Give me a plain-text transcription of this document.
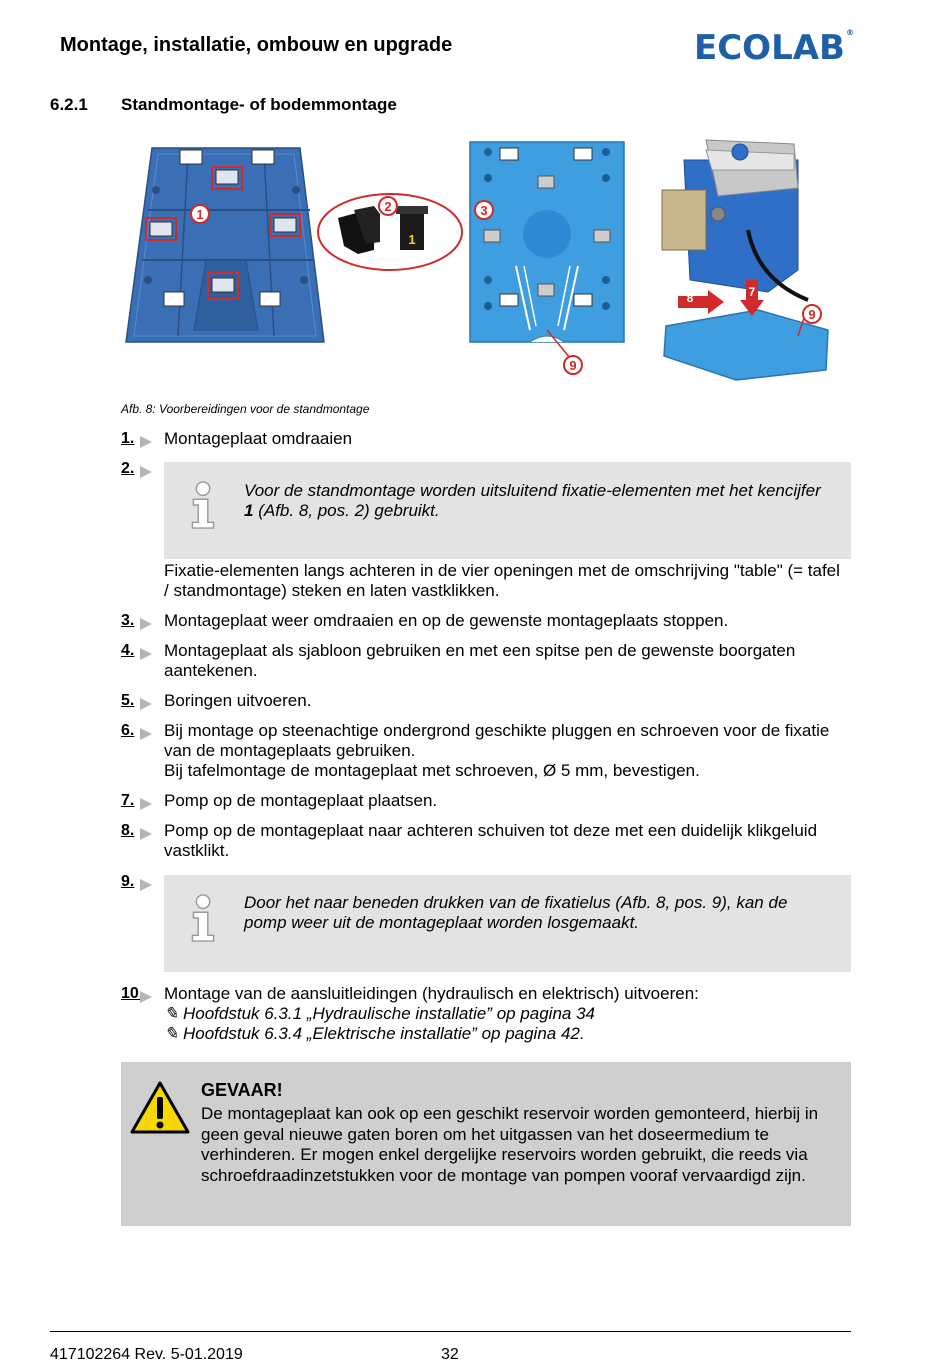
Montage, installatie, ombouw en upgrade	ECOLAB®
6.2.1 Standmontage- of bodemmontage
1
1
2	3
9
8	7
9
Afb. 8: Voorbereidingen voor de standmontage
1. Montageplaat omdraaien
2.
Voor de standmontage worden uitsluitend fixatie-elementen met het kencijfer 1 (Afb. 8, pos. 2) gebruikt.
Fixatie-elementen langs achteren in de vier openingen met de omschrijving "table" (= tafel / standmontage) steken en laten vastklikken.
3. Montageplaat weer omdraaien en op de gewenste montageplaats stoppen.
4. Montageplaat als sjabloon gebruiken en met een spitse pen de gewenste boorgaten aantekenen.
5. Boringen uitvoeren.
6. Bij montage op steenachtige ondergrond geschikte pluggen en schroeven voor de fixatie van de montageplaats gebruiken.
Bij tafelmontage de montageplaat met schroeven, Ø 5 mm, bevestigen.
7. Pomp op de montageplaat plaatsen.
8. Pomp op de montageplaat naar achteren schuiven tot deze met een duidelijk klikgeluid vastklikt.
9.
Door het naar beneden drukken van de fixatielus (Afb. 8, pos. 9), kan de pomp weer uit de montageplaat worden losgemaakt.
10. Montage van de aansluitleidingen (hydraulisch en elektrisch) uitvoeren:
✎ Hoofdstuk 6.3.1 „Hydraulische installatie” op pagina 34
✎ Hoofdstuk 6.3.4 „Elektrische installatie” op pagina 42.
GEVAAR!
De montageplaat kan ook op een geschikt reservoir worden gemonteerd, hierbij in geen geval nieuwe gaten boren om het uitgassen van het doseermedium te verhinderen. Er mogen enkel dergelijke reservoirs worden gebruikt, die reeds via schroefdraadinzetstukken voor de montage van pompen vooraf vervaardigd zijn.
417102264 Rev. 5-01.2019	32
